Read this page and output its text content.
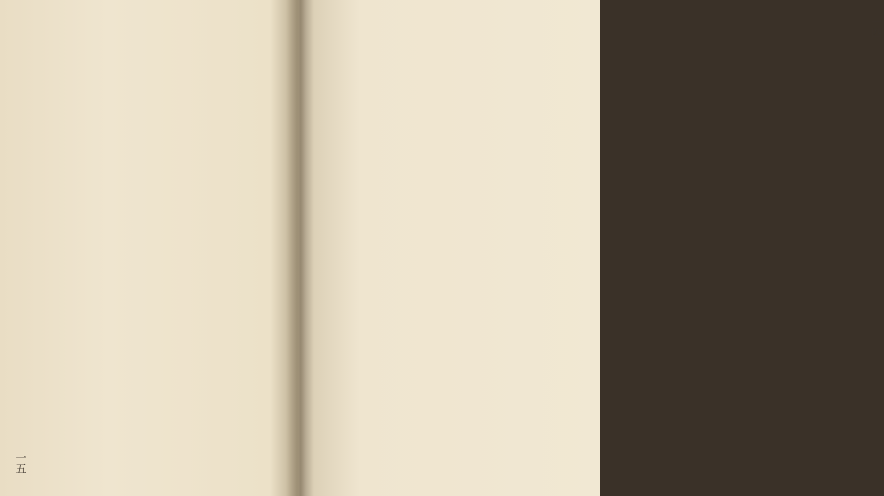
一五
一四
